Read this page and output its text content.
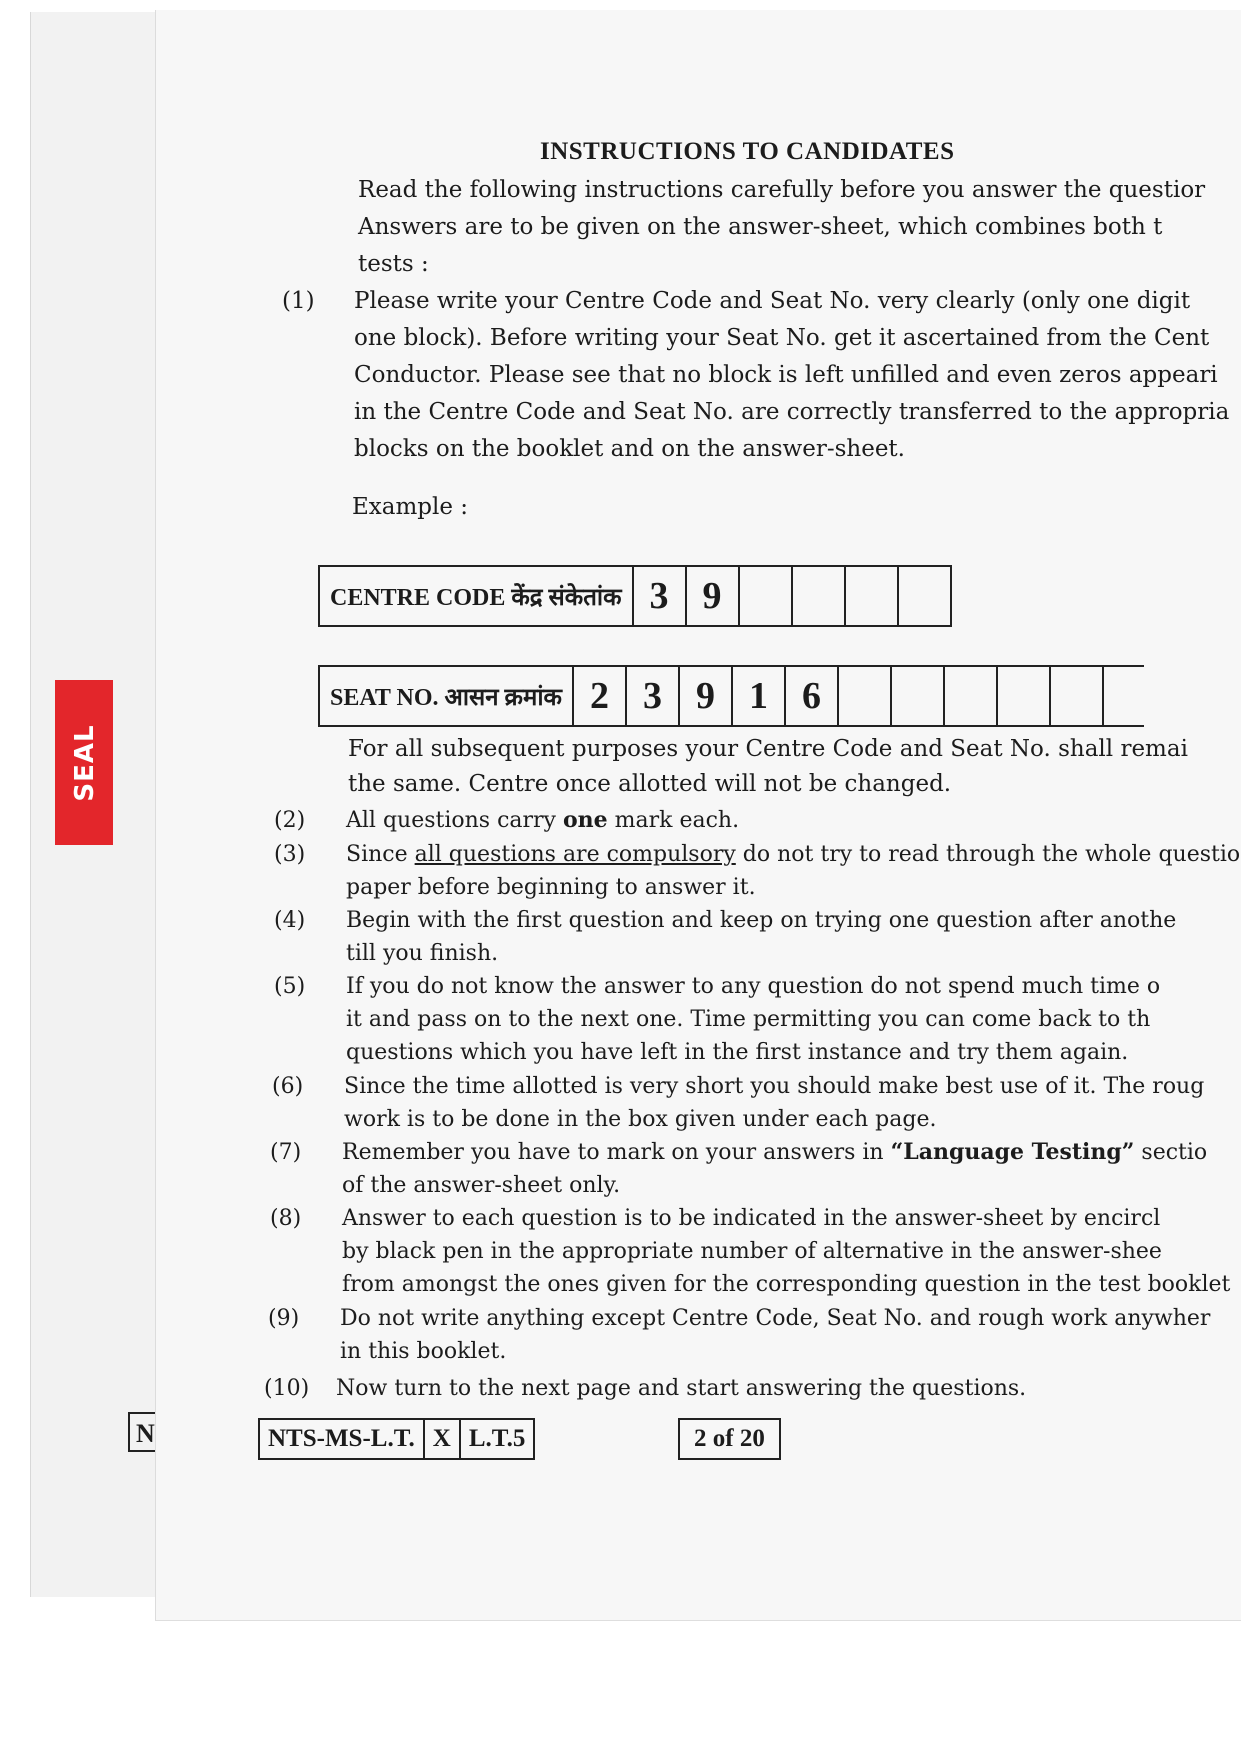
SEAL
N
INSTRUCTIONS TO CANDIDATES

Read the following instructions carefully before you answer the questior

Answers are to be given on the answer-sheet, which combines both t

tests :

(1)	Please write your Centre Code and Seat No. very clearly (only one digit
one block). Before writing your Seat No. get it ascertained from the Cent
Conductor. Please see that no block is left unfilled and even zeros appeari
in the Centre Code and Seat No. are correctly transferred to the appropria
blocks on the booklet and on the answer-sheet.
Example :
CENTRE CODE केंद्र संकेतांक 3 9
SEAT NO. आसन क्रमांक 2 3 9 1 6
For all subsequent purposes your Centre Code and Seat No. shall remai
the same. Centre once allotted will not be changed.
(2)	All questions carry one mark each.
(3)	Since all questions are compulsory do not try to read through the whole questio
paper before beginning to answer it.
(4)	Begin with the first question and keep on trying one question after anothe
till you finish.
(5)	If you do not know the answer to any question do not spend much time o
it and pass on to the next one. Time permitting you can come back to th
questions which you have left in the first instance and try them again.
(6)	Since the time allotted is very short you should make best use of it. The roug
work is to be done in the box given under each page.
(7)	Remember you have to mark on your answers in “Language Testing” sectio
of the answer-sheet only.
(8)	Answer to each question is to be indicated in the answer-sheet by encircl
by black pen in the appropriate number of alternative in the answer-shee
from amongst the ones given for the corresponding question in the test booklet
(9)	Do not write anything except Centre Code, Seat No. and rough work anywher
in this booklet.
(10)	Now turn to the next page and start answering the questions.
NTS-MS-L.T. X L.T.5	2 of 20
